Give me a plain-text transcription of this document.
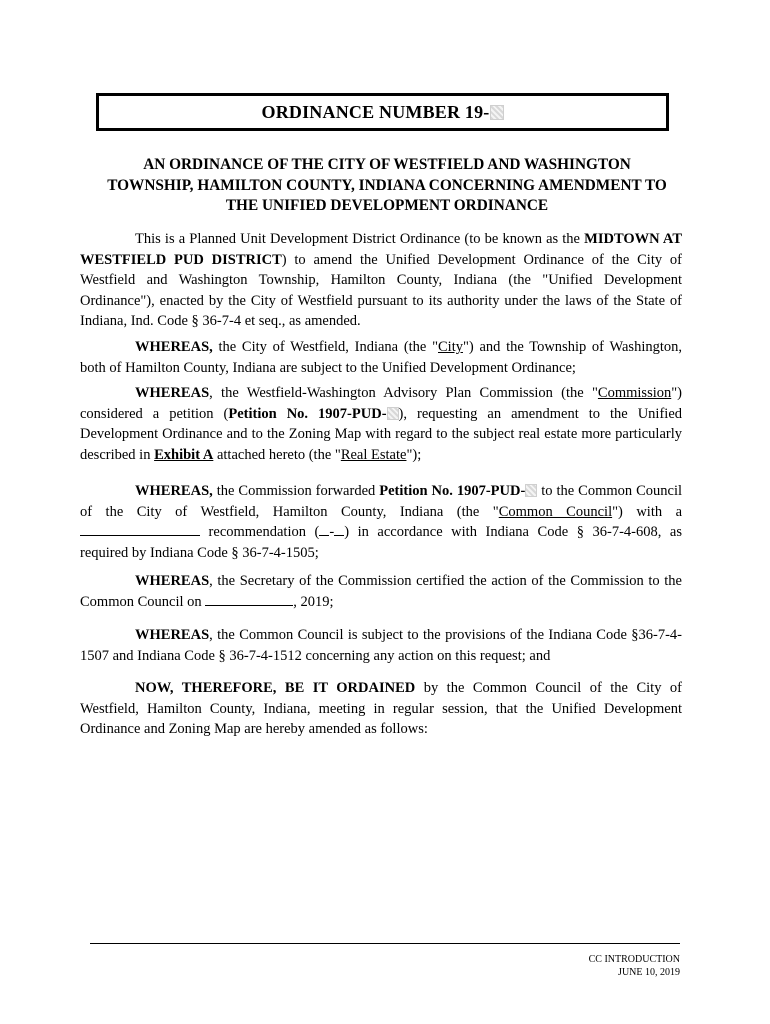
ORDINANCE NUMBER 19-
AN ORDINANCE OF THE CITY OF WESTFIELD AND WASHINGTON
TOWNSHIP, HAMILTON COUNTY, INDIANA CONCERNING AMENDMENT TO
THE UNIFIED DEVELOPMENT ORDINANCE

This is a Planned Unit Development District Ordinance (to be known as the MIDTOWN AT WESTFIELD PUD DISTRICT) to amend the Unified Development Ordinance of the City of Westfield and Washington Township, Hamilton County, Indiana (the "Unified Development Ordinance"), enacted by the City of Westfield pursuant to its authority under the laws of the State of Indiana, Ind. Code § 36-7-4 et seq., as amended.

WHEREAS, the City of Westfield, Indiana (the "City") and the Township of Washington, both of Hamilton County, Indiana are subject to the Unified Development Ordinance;

WHEREAS, the Westfield-Washington Advisory Plan Commission (the "Commission") considered a petition (Petition No. 1907-PUD- ), requesting an amendment to the Unified Development Ordinance and to the Zoning Map with regard to the subject real estate more particularly described in Exhibit A attached hereto (the "Real Estate");

WHEREAS, the Commission forwarded Petition No. 1907-PUD- to the Common Council of the City of Westfield, Hamilton County, Indiana (the "Common Council") with a  recommendation ( - ) in accordance with Indiana Code § 36-7-4-608, as required by Indiana Code § 36-7-4-1505;

WHEREAS, the Secretary of the Commission certified the action of the Commission to the Common Council on	, 2019;

WHEREAS, the Common Council is subject to the provisions of the Indiana Code §36-7-4-1507 and Indiana Code § 36-7-4-1512 concerning any action on this request; and

NOW, THEREFORE, BE IT ORDAINED by the Common Council of the City of Westfield, Hamilton County, Indiana, meeting in regular session, that the Unified Development Ordinance and Zoning Map are hereby amended as follows:

CC INTRODUCTION
JUNE 10, 2019
